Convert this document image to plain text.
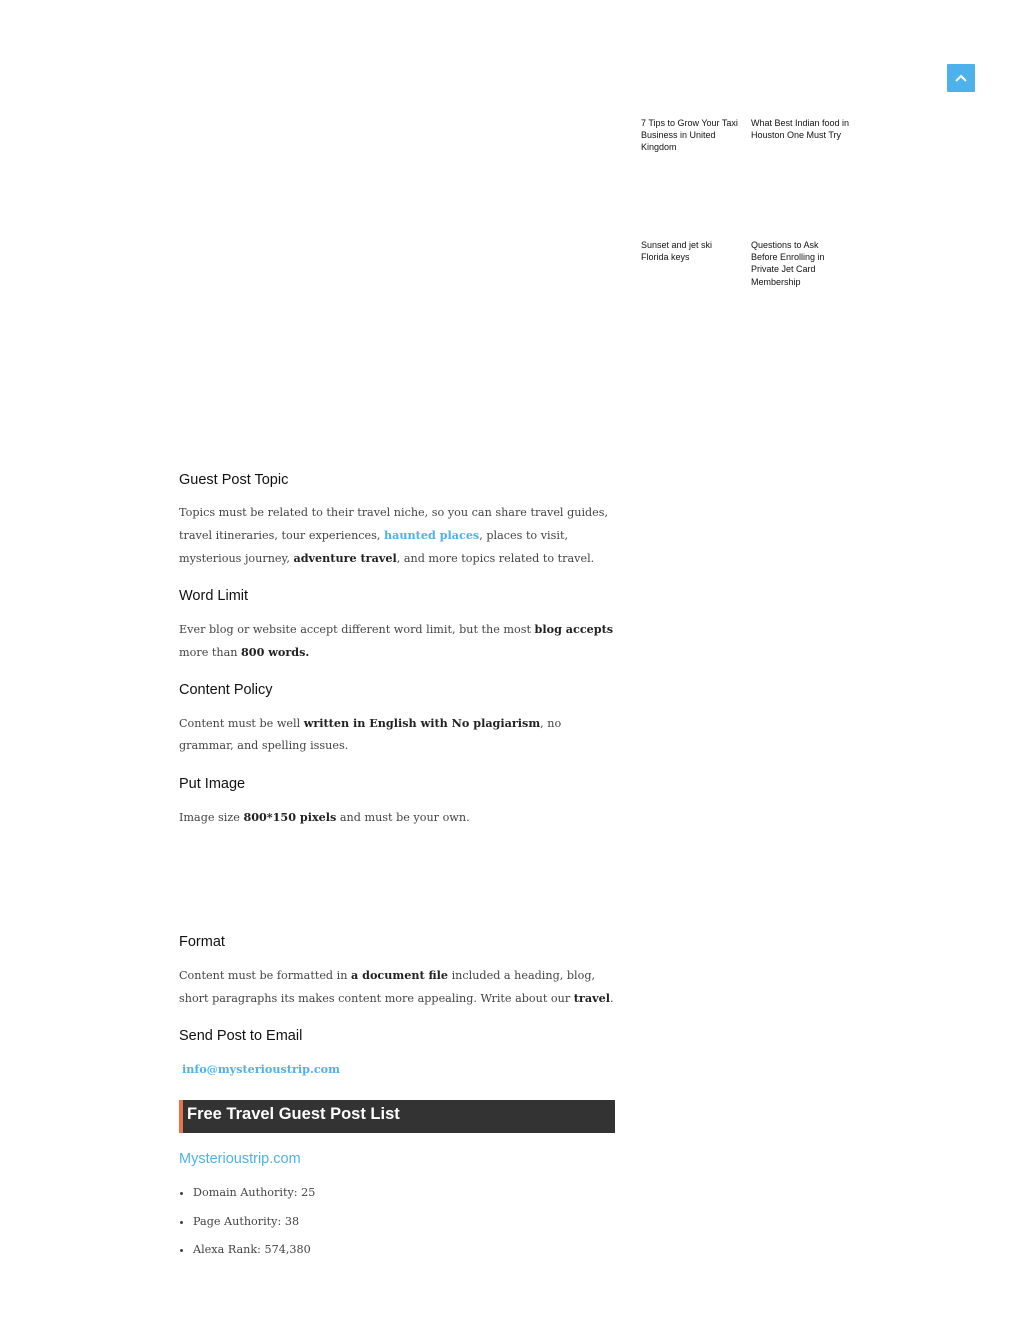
7 Tips to Grow Your Taxi Business in United Kingdom
What Best Indian food in Houston One Must Try
Sunset and jet ski Florida keys
Questions to Ask Before Enrolling in Private Jet Card Membership
Guest Post Topic

Topics must be related to their travel niche, so you can share travel guides, travel itineraries, tour experiences, haunted places, places to visit, mysterious journey, adventure travel, and more topics related to travel.

Word Limit

Ever blog or website accept different word limit, but the most blog accepts more than 800 words.

Content Policy

Content must be well written in English with No plagiarism, no grammar, and spelling issues.

Put Image

Image size 800*150 pixels and must be your own.

Format

Content must be formatted in a document file included a heading, blog, short paragraphs its makes content more appealing. Write about our travel.

Send Post to Email

info@mysterioustrip.com

Free Travel Guest Post List
Mysterioustrip.com
• Domain Authority: 25
• Page Authority: 38
• Alexa Rank: 574,380
